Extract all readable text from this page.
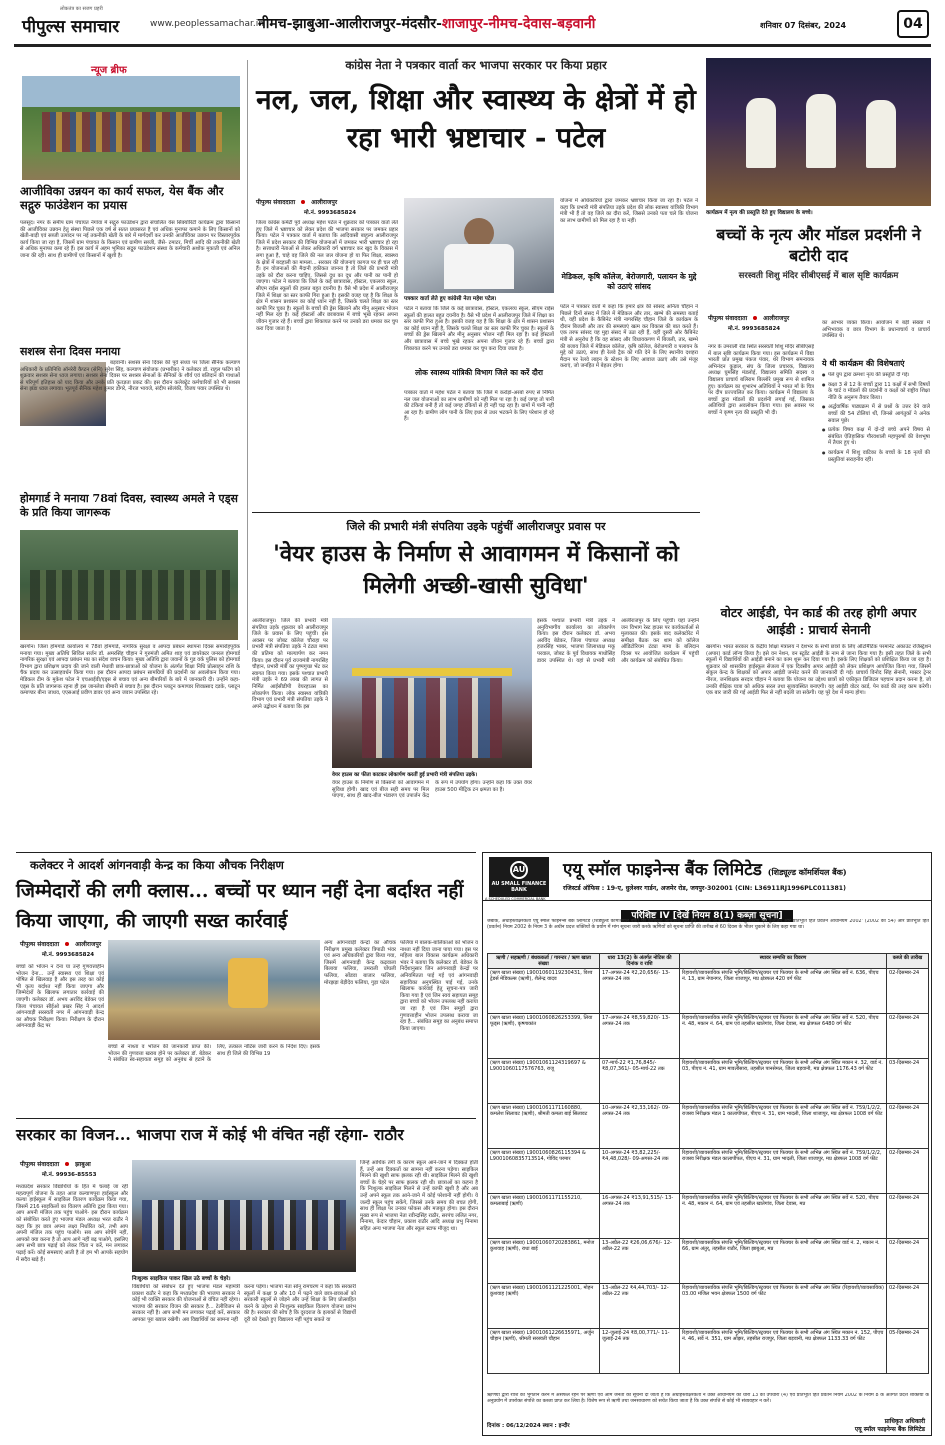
पीपुल्स समाचार
लोकतंत्र का सजग प्रहरी
www.peoplessamachar.in
नीमच-झाबुआ-आलीराजपुर-मंदसौर-शाजापुर-नीमच-देवास-बड़वानी	शनिवार 07 दिसंबर, 2024	04
न्यूज ब्रीफ
आजीविका उन्नयन का कार्य सफल, येस बैंक और सद्गुरु फाउंडेशन का प्रयास
पलसूद। नगर के समीप ग्राम पंचायत नेगांवा में सद्गुरु फाउंडेशन द्वारा संचालित येस सिक्योरिटी कार्यक्रम द्वारा किसानों की आजीविका उन्नयन हेतु संस्था पिछले एक वर्ष से सतत प्रयासरत है एवं अधिक मुनाफा कमाने के लिए किसानों को खेती-बाड़ी एवं सब्जी उत्पादन पर नई तकनीकी खेती के बारे में मार्गदर्शी कर उनकी आजीविका उन्नयन पर विस्तारपूर्वक कार्य किया जा रहा है, जिसमें ग्राम पंचायत के किसान एवं ग्रामीण सब्जी, जैसे- टमाटर, मिर्ची आदि की तकनीकी खेती से अधिक मुनाफा कमा रहे हैं। इस कार्य में अहम भूमिका सद्गुरु फाउंडेशन संस्था के कर्मचारी अशोक मुकाती एवं अनिल जाना की रही। साथ ही ग्रामीणों एवं किसानों में खुशी है।
सशस्त्र सेना दिवस मनाया
बड़वानी। सशस्त्र सेना दिवस की पूर्व संध्या पर जिला सैनिक कल्याण अधिकारी के प्रतिनिधि ऑनरेरी कैप्टन (सेनि) सुरेश सिंह, कल्याण संयोजक (प्रभारीक) ने कलेक्टर डॉ. राहुल फटिंग को शुक्रवार सशस्त्र सेना ध्वज लगाया। सशस्त्र सेना दिवस पर सशस्त्र सेनाओं के सैनिकों के शौर्य एवं बलिदान की गाथाओं से परिपूर्ण इतिहास को याद किया और उनके प्रति कृतज्ञता प्रकट की। इस दौरान कलेक्ट्रेट कर्मचारियों को भी सशस्त्र सेना झंडा ध्वज लगाया। भूतपूर्व सैनिक महेश कुमार डोंगरे, नीरज भायजे, संदीप सोलंकी, विजय पवार उपस्थित थे।
होमगार्ड ने मनाया 78वां दिवस, स्वास्थ्य अमले ने एड्स के प्रति किया जागरूक
खरगोन। जिला होमगार्ड कार्यालय में 78वां होमगार्ड, नागरिक सुरक्षा व आपदा प्रबंधन स्थापना दिवस समारोहपूर्वक मनाया गया। मुख्य अतिथि सिविल सर्जन डॉ. अमरसिंह चौहान ने गुरुमंजी अमित शाह एवं डायरेक्टर जनरल होमगार्ड नागरिक सुरक्षा एवं आपदा प्रबंधन मप्र का संदेश वाचन किया। मुख्य अतिथि द्वारा जवानों के गुड वर्क पुलिस को होमगार्ड विभाग द्वारा प्रशिक्षण प्रदाय की जाने वाली मेधावी छात्र-छात्राओं को योजना के अंतर्गत शिक्षा निधि प्रोत्साहन राशि के चैक प्रदाय कर उत्साहवर्धन किया गया। इस दौरान आपदा प्रबंधन सामग्रियों की प्रदर्शनी का अवलोकन किया गया। मेडिकल टीम के मुकेश पटेल ने एचआईवी/एड्स से बचाव एवं अन्य बीमारियों के बारे में जानकारी दी। उन्होंने कहा- एड्स के प्रति जागरूक रहना ही इस जानलेवा बीमारी से बचाव है। इस दौरान प्लाटून कमाण्डर शिवप्रसाद दडके, प्लाटून कमाण्डर बीना जाधव, एएसआई प्रवीण डावर एवं अन्य जवान उपस्थित रहे।
कांग्रेस नेता ने पत्रकार वार्ता कर भाजपा सरकार पर किया प्रहार
नल, जल, शिक्षा और स्वास्थ्य के क्षेत्रों में हो रहा भारी भ्रष्टाचार - पटेल
पीपुल्स संवाददाता	आलीराजपुर
मो.नं. 9993685824
जिला कांग्रेस कमेटी पूर्व अध्यक्ष महेश पटेल ने शुक्रवार को पत्रकार वार्ता लेते हुए जिले में भ्रष्टाचार को लेकर प्रदेश की भाजपा सरकार पर जमकर प्रहार किया। पटेल ने पत्रकार वार्ता में बताया कि आदिवासी बाहुल्य आलीराजपुर जिले में प्रदेश सरकार की विभिन्न योजनाओं में जमकर भारी भ्रष्टाचार हो रहा है। सत्ताधारी नेताओं से लेकर अधिकारी वर्ग भ्रष्टाचार कर खुद के विकास में लगा हुआ है, चाहे वह जिले की नल जल योजना हो या फिर शिक्षा, स्वास्थ्य के क्षेत्रों में बदहाली का मामला... सरकार की योजनाएं कागज पर ही चल रही हैं। इन योजनाओं की मैदानी हकीकत जानना है तो जिले की प्रभारी मंत्री उइके को दौरा करना चाहिए, जिससे दूध का दूध और पानी का पानी हो जाएगा। पटेल ने बताया कि जिले के कई छात्रावास, हॉस्टल, एकलव्य स्कूल, सीएम राईस स्कूलों की हालत बहुत दयनीय है। वैसे भी प्रदेश में आलीराजपुर जिले में शिक्षा का स्तर काफी गिरा हुआ है। इसकी वजह यह है कि शिक्षा के क्षेत्र में शासन प्रशासन का कोई ध्यान नहीं है, जिसके चलते शिक्षा का स्तर काफी गिर चुका है। स्कूलों के बच्चों की ड्रेस खिलाने और मीनू अनुसार भोजन नहीं मिल रहा है। कई हॉस्टलों और छात्रावास में बच्चे भूखे रहकर अपना जीवन गुजार रहे हैं। बच्चों द्वारा शिकायत करने पर उनको डरा धमका कर चुप करा दिया जाता है।
पत्रकार वार्ता लेते हुए कांग्रेसी नेता महेश पटेल।
पटेल ने बताया कि जिले के कई छात्रावास, हॉस्टल, एकलव्य स्कूल, सीएम राईस स्कूलों की हालत बहुत दयनीय है। वैसे भी प्रदेश में आलीराजपुर जिले में शिक्षा का स्तर काफी गिरा हुआ है। इसकी वजह यह है कि शिक्षा के क्षेत्र में शासन प्रशासन का कोई ध्यान नहीं है, जिसके चलते शिक्षा का स्तर काफी गिर चुका है। स्कूलों के बच्चों की ड्रेस खिलाने और मीनू अनुसार भोजन नहीं मिल रहा है। कई हॉस्टलों और छात्रावास में बच्चे भूखे रहकर अपना जीवन गुजार रहे हैं। बच्चों द्वारा शिकायत करने पर उनको डरा धमका कर चुप करा दिया जाता है।
लोक स्वास्थ्य यांत्रिकी विभाग जिले का करें दौरा
पत्रकार वार्ता में महेश पटेल ने बताया कि जिले में करोड़ों-अरबों रुपए से निर्मित नल जल योजनाओं का लाभ ग्रामीणों को नहीं मिल पा रहा है। कई जगह तो पानी की टंकियां बनी हैं तो कई जगह टंकियों से ही नहीं चढ़ रहा है। ग्रामों में पानी नहीं आ रहा है। ग्रामीण लोग पानी के लिए इधर से उधर भटकने के लिए परेशान हो रहे हैं।
योजना में अधिकारियों द्वारा जमकर भ्रष्टाचार किया जा रहा है। पटेल ने कहा कि प्रभारी मंत्री संपतिया उइके प्रदेश की लोक स्वास्थ्य यांत्रिकी विभाग मंत्री भी हैं तो वह जिले का दौरा करें, जिससे उनको पता चले कि योजना का लाभ ग्रामीणों को मिल रहा है या नहीं।
मेडिकल, कृषि कॉलेज, बेरोजगारी, पलायन के मुद्दे को उठाएं सांसद
पटेल ने पत्रकार वार्ता में कहा कि हमारे क्षेत्र की सांसद अनिता चौहान ने पिछले दिनों संसद में जिले में मेडिकल और तार, खम्भे की समस्या बताई थी, वहीं प्रदेश के कैबिनेट मंत्री नागरसिंह चौहान जिले के कार्यक्रम के दौरान बिजली और तार की समस्याएं खत्म कर विकास की बात करते हैं। एक तरफ सांसद यह मुद्दा संसद में उठा रही हैं, वहीं दूसरी ओर कैबिनेट मंत्री से अनुरोध है कि वह सांसद और विधायकगण में बिजली, तार, खम्भे की बजाय जिले में मेडिकल कॉलेज, कृषि कॉलेज, बेरोजगारी व पलायन के मुद्दे को उठाएं, साथ ही रेलवे ट्रैक को गति देने के लिए स्थानीय दशहरा मैदान पर रेलवे लाइन के स्टेशन के लिए आवाज उठाएं और उसे मंजूर कराएं, जो जनहित में बेहतर होगा।
कार्यक्रम में नृत्य की प्रस्तुति देते हुए विद्यालय के बच्चे।
बच्चों के नृत्य और मॉडल प्रदर्शनी ने बटोरी दाद
सरस्वती शिशु मंदिर सीबीएसई में बाल सृष्टि कार्यक्रम
पीपुल्स संवाददाता	आलीराजपुर
मो.नं. 9993685824
नगर के उमराली रोड स्थित सरस्वती शिशु मंदिर सीबीएसई में बाल सृष्टि कार्यक्रम किया गया। इस कार्यक्रम में विद्या भारती प्रांत प्रमुख पंकज पंवार, थेरे विभाग समन्वयक अभिनंदन कुड़ाल, संघ के जिला प्रचारक, विद्यालय अध्यक्ष घुमसिंह मंडलोई, विद्यालय समिति सदस्य व विद्यालय प्राचार्य बलिराम बिल्लोरे प्रमुख रूप से शामिल हुए। कार्यक्रम का शुभारंभ अतिथियों ने भारत माँ के चित्र पर दीप प्रज्ज्वलित कर किया। कार्यक्रम में विद्यालय के बच्चों द्वारा मॉडलों की प्रदर्शनी लगाई गई, जिसका अतिथियों द्वारा अवलोकन किया गया। इस अवसर पर बच्चों ने कृष्ण नृत्य की प्रस्तुति भी दी।
का आभार व्यक्त किया। आयोजन में बड़ी संख्या में अभिभावक व छात्र विभाग के प्रधानाचार्य व प्राचार्य उपस्थित थे।
ये थी कार्यक्रम की विशेषताएं
● पेले ग्रुप द्वारा क्रमशः नृत्य की प्रस्तुति दी गई।
● कक्षा 3 से 12 के बच्चों द्वारा 11 कक्षों में सभी विषयों के चार्ट व मॉडलों की प्रदर्शनी व कक्षों को राष्ट्रीय शिक्षा नीति के अनुरूप तैयार किया।
● अर्द्धवार्षिक पाठ्यक्रम में से प्रश्नों के उत्तर देने वाले बच्चों की 54 टोलियां थीं, जिनसे आगंतुकों ने अनेक सवाल पूछे।
● प्रत्येक विषय कक्ष में दो-दो बच्चे अपने विषय से संबंधित ऐतिहासिक गौरवशाली महापुरुषों की वेशभूषा में तैयार हुए थे।
● कार्यक्रम में शिशु वाटिका के बच्चों के 18 नृत्यों की प्रस्तुतियां सराहनीय रहीं।
वोटर आईडी, पेन कार्ड की तरह होगी अपार आईडी : प्राचार्य सेनानी
खरगोन। भारत सरकार के केंद्रीय शिक्षा मंत्रालय ने देशभर के सभी छात्रों के लिए ऑटोमैटिक परमानेंट अकाउंट रजिस्ट्रेशन (अपार) कार्ड लॉन्च किया है। इसे वन नेशन, वन स्टूडेंट आईडी के नाम से जाना किया गया है। इसी तहत जिले के सभी स्कूलों में विद्यार्थियों की आईडी बनाने का काम शुरू कर दिया गया है। इसके लिए शिक्षकों को प्रशिक्षित किया जा रहा है। शुक्रवार को शासकीय हाईस्कूल सेजला में एक दिवसीय अपार आईडी को लेकर प्रशिक्षण आयोजित किया गया, जिसमें संकुल केन्द्र के शिक्षकों को अपार आईडी जनरेट करने की जानकारी दी गई। प्राचार्य विनोद सिंह सेनानी, मास्टर ट्रेनर नीरज, जनशिक्षक सरदार चौहान ने बताया कि योजना का उद्देश्य छात्रों को एकीकृत डिजिटल पहचान प्रदान करना है, जो उनकी शैक्षिक यात्रा को अधिक सरल तथा सुव्यवस्थित बनाएगी। यह आईडी वोटर कार्ड, पेन कार्ड की तरह काम करेगी। एक बार जारी की गई आईडी फिर से नहीं बदली जा सकेगी। यह पूरे देश में मान्य होगा।
जिले की प्रभारी मंत्री संपतिया उइके पहुंचीं आलीराजपुर प्रवास पर
'वेयर हाउस के निर्माण से आवागमन में किसानों को मिलेगी अच्छी-खासी सुविधा'
आलीराजपुर। जिले की प्रभारी मंत्री संपतिया उइके शुक्रवार को आलीराजपुर जिले के प्रवास के लिए पहुंचीं। इस अवसर पर जोबट कॉलेज चौराहा पर प्रभारी मंत्री संपतिया उइके ने टंट्या मामा की प्रतिमा को माल्यार्पण कर नमन किया। इस दौरान पूर्व राज्यमंत्री नागरसिंह चौहान, प्रभारी मंत्री का पुष्पगुच्छ भेंट कर स्वागत किया गया। इसके पश्चात प्रभारी मंत्री उइके ने 69 लाख की लागत से निर्मित आईसीडीपी वेयरहाउस का लोकार्पण किया। लोक स्वास्थ्य यांत्रिकी विभाग एवं प्रभारी मंत्री संपतिया उइके ने अपने उद्बोधन में बताया कि इस
वेयर हाउस का फीता काटकर लोकार्पण करतीं हुईं प्रभारी मंत्री संपतिया उइके।
वेयर हाउस के निर्माण से किसानों को आवागमन में सुविधा होगी। खाद एवं बीज सही समय पर मिल पाएगा, साथ ही खाद-बीज भंडारण एवं उपार्जन केंद्र के रूप में उपयोग होगा। उन्होंने कहा कि उक्त वेयर हाउस 500 मीट्रिक टन क्षमता का है।
इसके पश्चात प्रभारी मंत्री उइके ने अनुविभागीय कार्यालय का लोकार्पण किया। इस दौरान कलेक्टर डॉ. अभय अरविंद बेडेकर, जिला पंचायत अध्यक्ष हजरसिंह भाबर, भाजपा जिलाध्यक्ष मकू परवाल, जोबट के पूर्व विधायक माधोसिंह डावर उपस्थित थे। यहां से प्रभारी मंत्री आलीराजपुर के लिए पहुंचीं। यहां उन्होंने जन विभाग रेस्ट हाउस पर कार्यकर्ताओं से मुलाकात की। इसके बाद कलेक्टोरेट में समीक्षा बैठक कर शाम को कॉलेज ऑडिटोरियम टंट्या मामा के बलिदान दिवस पर आयोजित कार्यक्रम में पहुंचीं और कार्यक्रम को संबोधित किया।
कलेक्टर ने आदर्श आंगनवाड़ी केन्द्र का किया औचक निरीक्षण
जिम्मेदारों की लगी क्लास... बच्चों पर ध्यान नहीं देना बर्दाश्त नहीं किया जाएगा, की जाएगी सख्त कार्रवाई
पीपुल्स संवाददाता	आलीराजपुर
मो.नं. 9993685824
बच्चों को भोजन न देना या उन्हें गुणवत्ताहीन भोजन देना... उन्हें स्वास्थ्य एवं शिक्षा एवं पोषित से खिलवाड़ है और इस तरह का कोई भी कृत्य बर्दाश्त नहीं किया जाएगा और जिम्मेदारों के खिलाफ लगातार कार्रवाई की जाएगी। कलेक्टर डॉ. अभय अरविंद बेडेकर एवं जिला पंचायत सीईओ प्रखर सिंह ने आदर्श आंगनवाड़ी सरस्वती नगर में आंगनवाड़ी केन्द्र का औचक निरीक्षण किया। निरीक्षण के दौरान आंगनवाड़ी केंद्र पर
बच्चों से नाश्ता व भोजन की जानकारी प्राप्त की। भोजन की गुणवत्ता खराब होने पर कलेक्टर डॉ. बेडेकर ने संबंधित स्व-सहायता समूह को अनुबंध से हटाने के लिए, तत्काल नोटिस जारी करने के निर्देश दिए। इसके साथ ही जिले की विभिन्न 19
अन्य आंगनवाड़ी केन्द्रों का औचक निरीक्षण प्रमुख कलेक्टर त्रिपाठी भंवर एवं अन्य अधिकारियों द्वारा किया गया, जिसमें आंगनवाड़ी केन्द्र कढ़वाला बिलाया फलिया, उमराली घोंघली फलिया, सोंडवा बाजार फलिया, मोरझड़ा बेड़ीदेव फलिया, गुड़ा पटेल
फलिया में बालक-बालिकाओं को भोजन व नाश्ता नहीं दिया जाना पाया गया। इस पर महिला बाल विकास कार्यक्रम अधिकारी भंवर ने बताया कि कलेक्टर डॉ. बेडेकर के निर्देशानुसार जिन आंगनवाड़ी केन्द्रों पर अनियमितता पाई गई एवं आंगनवाड़ी सहायिका अनुपस्थित पाई गई, उनके खिलाफ कार्रवाई हेतु सूचना-पत्र जारी किया गया है एवं जिन स्वयं सहायता समूह द्वारा बच्चों को भोजन उपलब्ध नहीं कराया जा रहा है एवं जिन समूहों द्वारा गुणवत्ताहीन भोजन उपलब्ध कराया जा रहा है... संबंधित समूह का अनुबंध समाप्त किया जाएगा।
सरकार का विजन... भाजपा राज में कोई भी वंचित नहीं रहेगा- राठौर
पीपुल्स संवाददाता	झाबुआ
मो.नं. 99936-85553
मध्यप्रदेश सरकार विद्यार्थियों के हित में चलाई जा रही महत्वपूर्ण योजना के तहत आज कल्याणपुरा हाईस्कूल और कल्या हाईस्कूल में साइकिल वितरण कार्यक्रम किया गया, जिसमें 216 साइकिलों का वितरण अतिथि द्वारा किया गया। आप अपनी मंजिल तक पहुंच पाओगे- इस दौरान कार्यक्रम को संबोधित करते हुए भाजपा मंडल अध्यक्ष भरत राठौर ने कहा कि हर छात्र अपना लक्ष्य निर्धारित करे, तभी आप अपनी मंजिल तक पहुंच पाओगे। सब आप सोचेंगे नहीं, आपको क्या करना है तो आप आगे नहीं बढ़ पाओगे, इसलिए आप सभी छात्र पढ़ाई को लेकर चिंता न करें, मन लगाकर पढ़ाई करें। कोई समस्याएं आती है तो हम भी आपके सहयोग में सदैव खड़े हैं।
निःशुल्क साइकिल पाकर खिल उठे बच्चों के चेहरे।
विद्यार्थियों को संबोधन देते हुए भाजपा मंडल महामंत्री प्रकाश राठौर ने कहा कि मध्यप्रदेश की भाजपा सरकार ने कोई भी व्यक्ति सरकार की योजनाओं से वंचित नहीं रहेगा। भाजपा की सरकार विजन की सरकार है... टेलीविजन से सरकार नहीं है। आप सभी मन लगाकर पढ़ाई करें, सरकार आपका पूरा ख्याल रखेगी। अब विद्यार्थियों का सामना नहीं
करना पड़ेगा। भाजपा नेता सोनू रामचरण ने कहा कि सरकारी स्कूलों में कक्षा 9 और 10 में पढ़ने वाले छात्र-छात्राओं को सरकारी स्कूलों से जोड़ने और उन्हें शिक्षा के लिए प्रोत्साहित करने के उद्देश्य से निःशुल्क साइकिल वितरण योजना प्रारंभ की है। सरकार की सोच है कि दूरदराज के इलाकों से विद्यार्थी दूरी को देखते हुए विद्यालय नहीं पहुंच सकते या
जिन्हें आर्थिक तंगी के कारण स्कूल आने-जाने में दिक्कतें होती हैं, उन्हें अब दिक्कतों का सामना नहीं करना पड़ेगा। साइकिल मिलने की खुशी साफ झलक रही थी। साइकिल मिलने की खुशी बच्चों के चेहरे पर साफ झलक रही थी। छात्राओं का कहना है कि निःशुल्क साइकिल मिलने से उन्हें काफी खुशी है और अब उन्हें अपने स्कूल तक आने-जाने में कोई परेशानी नहीं होगी। ये जल्दी स्कूल पहुंच सकेंगे, जिससे उनके समय की बचत होगी, साथ ही शिक्षा पर उनका फोकस और मजबूत होगा। इस दौरान मुख्य रूप से भाजपा नेता रवीन्द्रसिंह राठौर, सरपंच ललित नगर, निनामा, केदार चौहान, प्रकाश राठौर आदि अध्यक्ष प्रभु निनामा सहित अन्य भाजपा नेता और स्कूल स्टाफ मौजूद था।
AU
AU SMALL FINANCE BANK
A SCHEDULED COMMERCIAL BANK
एयू स्मॉल फाइनेन्स बैंक लिमिटेड (शिड्यूल्ड कॉमर्शियल बैंक)
रजिस्टर्ड ऑफिस : 19-ए, धुलेश्वर गार्डन, अजमेर रोड, जयपुर-302001 (CIN: L36911RJ1996PLC011381)
परिशिष्ट IV [देखें नियम 8(1) कब्ज़ा सूचना]
जबकि, अधोहस्ताक्षरकर्ता एयू स्मॉल फाइनेन्स बैंक लिमिटेड (शिड्यूल्ड कॉमर्शियल बैंक) का प्राधिकृत अधिकारी होते हुए 'वित्तीय आस्तियों का प्रतिभूतिकरण एवं पुनर्गठन और प्रतिभूति हित प्रवर्तन अधिनियम 2002' (2002 का 54) और प्रतिभूति हित (प्रवर्तन) नियम 2002 के नियम 3 के अधीन प्रदत्त शक्तियों के प्रयोग में मांग सूचना जारी करके ऋणियों को सूचना प्राप्ति की तारीख से 60 दिवस के भीतर चुकाने के लिए कहा गया था।
ऋणी / सहऋणी / बंधककर्ता / गारन्टर / ऋण खाता संख्या	धारा 13(2) के अंतर्गत नोटिस की दिनांक व राशि	स्थावर सम्पत्ति का विवरण	कब्जे की तारीख
(ऋण खाता संख्या) L9001060119230431, विश्व ट्रेडर्स मेडिकल्स (ऋणी), शैलेन्द्र यादव	17-अगस्त-24 ₹2,20,656/- 13-अगस्त-24 तक	रिहायशी/व्यावसायिक संपत्ति भूमि/बिल्डिंग/स्ट्रक्चर एवं फिक्चर के सभी अभिन्न अंग स्थित सर्वे नं. 636, पीएच नं. 13, ग्राम नेपानगर, जिला शाजापुर, मप्र क्षेत्रफल 420 वर्ग फीट	02-दिसम्बर-24
(ऋण खाता संख्या) L9001060826253399, लिया फूड्स (ऋणी), कृष्णाकांत	17-अगस्त-24 ₹8,59,820/- 13-अगस्त-24 तक	रिहायशी/व्यावसायिक संपत्ति भूमि/बिल्डिंग/स्ट्रक्चर एवं फिक्चर के सभी अभिन्न अंग स्थित सर्वे नं. 520, पीएच नं. 48, मकान नं. 64, ग्राम एवं तहसील खातेगांव, जिला देवास, मप्र क्षेत्रफल 6480 वर्ग फीट	02-दिसम्बर-24
(ऋण खाता संख्या) L9001061124319697 & L9001060117576763, राजू	07-मार्च-22 ₹1,76,845/- ₹8,07,361/- 05-मार्च-22 तक	रिहायशी/व्यावसायिक संपत्ति भूमि/बिल्डिंग/स्ट्रक्चर एवं फिक्चर के सभी अभिन्न अंग स्थित मकान नं. 32, वार्ड नं. 03, पीएच नं. 41, ग्राम मावलीसारा, तहसील पानसेमल, जिला बड़वानी, मप्र क्षेत्रफल 1176.43 वर्ग फीट	03-दिसम्बर-24
(ऋण खाता संख्या) L9001061171160880, कमलेश सिलावट (ऋणी), श्रीमती कमला बाई सिलावट	10-अगस्त-24 ₹2,33,162/- 09-अगस्त-24 तक	रिहायशी/व्यावसायिक संपत्ति भूमि/बिल्डिंग/स्ट्रक्चर एवं फिक्चर के सभी अभिन्न अंग स्थित सर्वे नं. 759/1/2/2, राजस्व निरीक्षक मंडल 1 कालापीपल, पीएच नं. 31, ग्राम भादली, जिला शाजापुर, मप्र क्षेत्रफल 1008 वर्ग फीट	02-दिसम्बर-24
(ऋण खाता संख्या) L9001060826115394 & L9001060835713514, गोविंद परमार	10-अगस्त-24 ₹3,82,225/- ₹4,48,028/- 09-अगस्त-24 तक	रिहायशी/व्यावसायिक संपत्ति भूमि/बिल्डिंग/स्ट्रक्चर एवं फिक्चर के सभी अभिन्न अंग स्थित सर्वे नं. 759/1/2/2, राजस्व निरीक्षक मंडल कालापीपल, पीएच नं. 31, ग्राम भादली, जिला शाजापुर, मप्र क्षेत्रफल 1008 वर्ग फीट	02-दिसम्बर-24
(ऋण खाता संख्या) L9001061171155210, कमलाबाई (ऋणी)	16-अगस्त-24 ₹13,91,515/- 13-अगस्त-24 तक	रिहायशी/व्यावसायिक संपत्ति भूमि/बिल्डिंग/स्ट्रक्चर एवं फिक्चर के सभी अभिन्न अंग स्थित सर्वे नं. 520, पीएच नं. 48, मकान नं. 64, ग्राम एवं तहसील खातेगांव, जिला देवास, मप्र	02-दिसम्बर-24
(ऋण खाता संख्या) L9001060720283861, मनोज कुशवाह (ऋणी), राधा बाई	13-अप्रैल-22 ₹26,06,676/- 12-अप्रैल-22 तक	रिहायशी/व्यावसायिक संपत्ति भूमि/बिल्डिंग/स्ट्रक्चर एवं फिक्चर के सभी अभिन्न अंग स्थित वार्ड नं. 2, मकान नं. 66, ग्राम अंतुर्, तहसील राठौर, जिला झाबुआ, मप्र	02-दिसम्बर-24
(ऋण खाता संख्या) L9001061121225001, मोहन कुशवाह (ऋणी)	13-अप्रैल-22 ₹4,44,703/- 12-अप्रैल-22 तक	रिहायशी/व्यावसायिक संपत्ति भूमि/बिल्डिंग/स्ट्रक्चर एवं फिक्चर के सभी अभिन्न अंग स्थित (रिहायशी/व्यावसायिक) 03.00 मंजिल भवन क्षेत्रफल 1500 वर्ग फीट	02-दिसम्बर-24
(ऋण खाता संख्या) L9001061226635971, अर्जुन चौहान (ऋणी), श्रीमती सरस्वती चौहान	12-जुलाई-24 ₹8,00,771/- 11-जुलाई-24 तक	रिहायशी/व्यावसायिक संपत्ति भूमि/बिल्डिंग/स्ट्रक्चर एवं फिक्चर के सभी अभिन्न अंग स्थित मकान नं. 152, पीएच नं. 46, सर्वे नं. 351, ग्राम ओझर, तहसील राजपुर, जिला बड़वानी, मप्र क्षेत्रफल 1133.33 वर्ग फीट	05-दिसम्बर-24
ऋणियों द्वारा राशि का भुगतान करने में असफल रहने पर ऋणी एवं आम जनता को सूचना दी जाती है कि अधोहस्ताक्षरकर्ता ने उक्त अधिनियम की धारा 13 की उपधारा (4) एवं प्रतिभूति हित प्रवर्तन नियम 2002 के नियम 8 के अंतर्गत प्रदत्त शक्तियों के अनुप्रयोग में उपरोक्त संपत्ति का कब्जा प्राप्त कर लिया है। विशेष रूप से ऋणी तथा जनसाधारण को सचेत किया जाता है कि उक्त संपत्ति से कोई भी संव्यवहार न करें।
दिनांक : 06/12/2024 स्थान : इन्दौर
प्राधिकृत अधिकारी
एयू स्मॉल फाइनेन्स बैंक लिमिटेड
